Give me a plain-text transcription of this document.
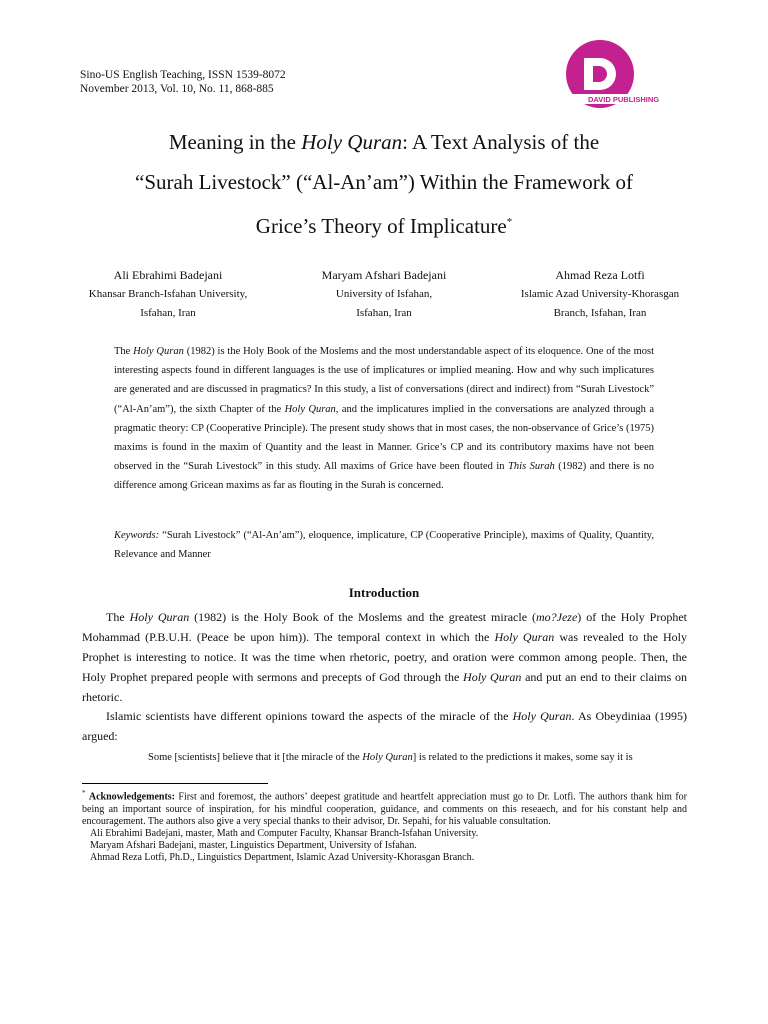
Sino-US English Teaching, ISSN 1539-8072
November 2013, Vol. 10, No. 11, 868-885
DAVID PUBLISHING
Meaning in the Holy Quran: A Text Analysis of the
“Surah Livestock” (“Al-An’am”) Within the Framework of
Grice’s Theory of Implicature*
Ali Ebrahimi Badejani
Khansar Branch-Isfahan University,
Isfahan, Iran
Maryam Afshari Badejani
University of Isfahan,
Isfahan, Iran
Ahmad Reza Lotfi
Islamic Azad University-Khorasgan
Branch, Isfahan, Iran
The Holy Quran (1982) is the Holy Book of the Moslems and the most understandable aspect of its eloquence. One of the most interesting aspects found in different languages is the use of implicatures or implied meaning. How and why such implicatures are generated and are discussed in pragmatics? In this study, a list of conversations (direct and indirect) from “Surah Livestock” (“Al-An’am”), the sixth Chapter of the Holy Quran, and the implicatures implied in the conversations are analyzed through a pragmatic theory: CP (Cooperative Principle). The present study shows that in most cases, the non-observance of Grice’s (1975) maxims is found in the maxim of Quantity and the least in Manner. Grice’s CP and its contributory maxims have not been observed in the “Surah Livestock” in this study. All maxims of Grice have been flouted in This Surah (1982) and there is no difference among Gricean maxims as far as flouting in the Surah is concerned.
Keywords: “Surah Livestock” (“Al-An’am”), eloquence, implicature, CP (Cooperative Principle), maxims of Quality, Quantity, Relevance and Manner
Introduction
The Holy Quran (1982) is the Holy Book of the Moslems and the greatest miracle (mo?Jeze) of the Holy Prophet Mohammad (P.B.U.H. (Peace be upon him)). The temporal context in which the Holy Quran was revealed to the Holy Prophet is interesting to notice. It was the time when rhetoric, poetry, and oration were common among people. Then, the Holy Prophet prepared people with sermons and precepts of God through the Holy Quran and put an end to their claims on rhetoric.
Islamic scientists have different opinions toward the aspects of the miracle of the Holy Quran. As Obeydiniaa (1995) argued:
Some [scientists] believe that it [the miracle of the Holy Quran] is related to the predictions it makes, some say it is
* Acknowledgements: First and foremost, the authors’ deepest gratitude and heartfelt appreciation must go to Dr. Lotfi. The authors thank him for being an important source of inspiration, for his mindful cooperation, guidance, and comments on this reseaech, and for his constant help and encouragement. The authors also give a very special thanks to their advisor, Dr. Sepahi, for his valuable consultation.
Ali Ebrahimi Badejani, master, Math and Computer Faculty, Khansar Branch-Isfahan University.
Maryam Afshari Badejani, master, Linguistics Department, University of Isfahan.
Ahmad Reza Lotfi, Ph.D., Linguistics Department, Islamic Azad University-Khorasgan Branch.
